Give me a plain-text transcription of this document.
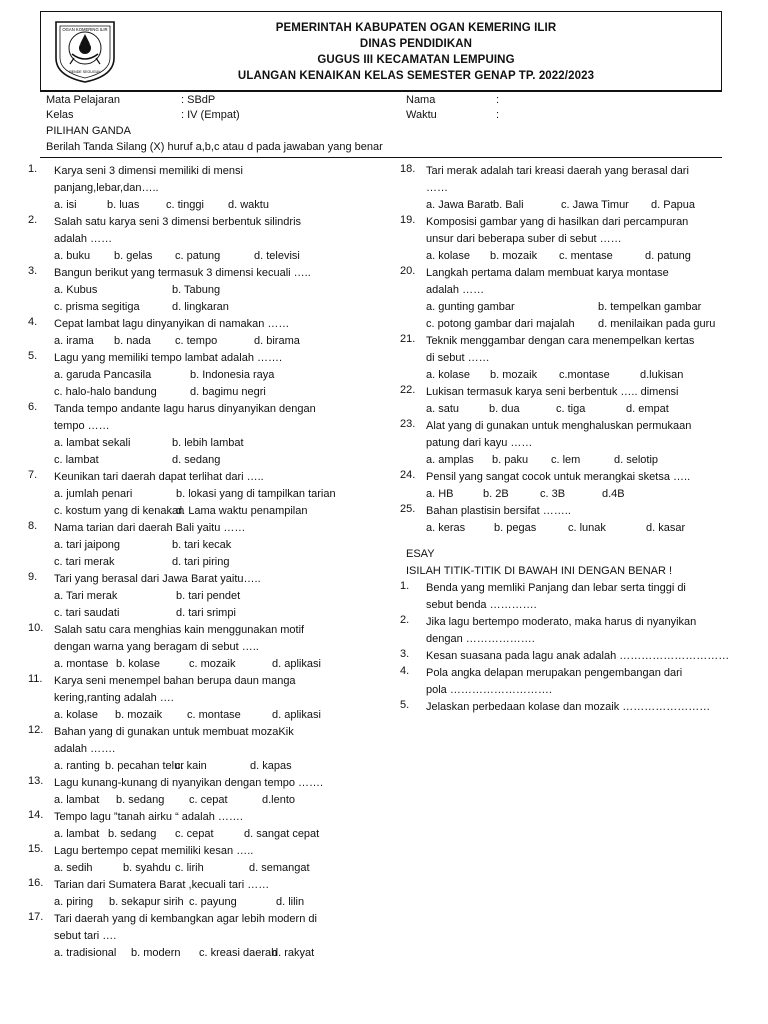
OGAN KOMERING ILIR
BENDE SEGUGUK
PEMERINTAH KABUPATEN OGAN KEMERING ILIR
DINAS PENDIDIKAN
GUGUS III KECAMATAN LEMPUING
ULANGAN KENAIKAN KELAS SEMESTER GENAP TP. 2022/2023
Mata Pelajaran	: SBdP	Nama	:
Kelas	: IV (Empat)	Waktu	:
PILIHAN GANDA
Berilah Tanda Silang (X) huruf a,b,c atau d pada jawaban yang benar
1.	Karya seni 3 dimensi memiliki di mensi
panjang,lebar,dan…..
a. isi	b. luas c. tinggi d. waktu
2.	Salah satu karya seni 3 dimensi berbentuk silindris
adalah ……
a. buku b. gelas c. patung	d. televisi
3.	Bangun berikut yang termasuk 3 dimensi kecuali …..
a. Kubus	b. Tabung
c. prisma segitiga	d. lingkaran
4.	Cepat lambat lagu dinyanyikan di namakan ……
a. irama b. nada c. tempo	d. birama
5.	Lagu yang memiliki tempo lambat adalah …….
a. garuda Pancasila	b. Indonesia raya
c. halo-halo bandung	d. bagimu negri
6.	Tanda tempo andante lagu harus dinyanyikan dengan
tempo ……
a. lambat sekali	b. lebih lambat
c. lambat	d. sedang
7.	Keunikan tari daerah dapat terlihat dari …..
a. jumlah penari	b. lokasi yang di tampilkan tarian
c. kostum yang di kenakan
d. Lama waktu penampilan
8.	Nama tarian dari daerah Bali yaitu ……
a. tari jaipong	b. tari kecak
c. tari merak	d. tari piring
9.	Tari yang berasal dari Jawa Barat yaitu…..
a. Tari merak	b. tari pendet
c. tari saudati	d. tari srimpi
10. Salah satu cara menghias kain menggunakan motif
dengan warna yang beragam di sebut …..
a. montase b. kolase	c. mozaik	d. aplikasi
11.	Karya seni menempel bahan berupa daun manga
kering,ranting adalah ….
a. kolase b. mozaik c. montase	d. aplikasi
12. Bahan yang di gunakan untuk membuat mozaKik
adalah …….
a. ranting b. pecahan telur
c. kain	d. kapas
13. Lagu kunang-kunang di nyanyikan dengan tempo …….
a. lambat b. sedang c. cepat	d.lento
14. Tempo lagu ”tanah airku “ adalah …….
a. lambat b. sedang c. cepat	d. sangat cepat
15. Lagu bertempo cepat memiliki kesan …..
a. sedih	b. syahdu c. lirih	d. semangat
16. Tarian dari Sumatera Barat ,kecuali tari ……
a. piring b. sekapur sirih c. payung	d. lilin
17. Tari daerah yang di kembangkan agar lebih modern di
sebut tari ….
a. tradisional b. modern c. kreasi daerah
d. rakyat
18. Tari merak adalah tari kreasi daerah yang berasal dari
……
a. Jawa Barat b. Bali	c. Jawa Timur d. Papua
19. Komposisi gambar yang di hasilkan dari percampuran
unsur dari beberapa suber di sebut ……
a. kolase b. mozaik c. mentase	d. patung
20. Langkah pertama dalam membuat karya montase
adalah ……
a. gunting gambar	b. tempelkan gambar
c. potong gambar dari majalah d. menilaikan pada guru
21. Teknik menggambar dengan cara menempelkan kertas
di sebut ……
a. kolase b. mozaik c.montase	d.lukisan
22. Lukisan termasuk karya seni berbentuk ….. dimensi
a. satu	b. dua	c. tiga	d. empat
23. Alat yang di gunakan untuk menghaluskan permukaan
patung dari kayu ……
a. amplas b. paku c. lem	d. selotip
24. Pensil yang sangat cocok untuk merangkai sketsa …..
a. HB	b. 2B	c. 3B	d.4B
25. Bahan plastisin bersifat ……..
a. keras	b. pegas	c. lunak	d. kasar
ESAY
ISILAH TITIK-TITIK DI BAWAH INI DENGAN BENAR !
1.	Benda yang memliki Panjang dan lebar serta tinggi di
sebut benda ………….
2.	Jika lagu bertempo moderato, maka harus di nyanyikan
dengan ……………….
3.	Kesan suasana pada lagu anak adalah …………………………
4.	Pola angka delapan merupakan pengembangan dari
pola ……………………….
5.	Jelaskan perbedaan kolase dan mozaik ……………………
